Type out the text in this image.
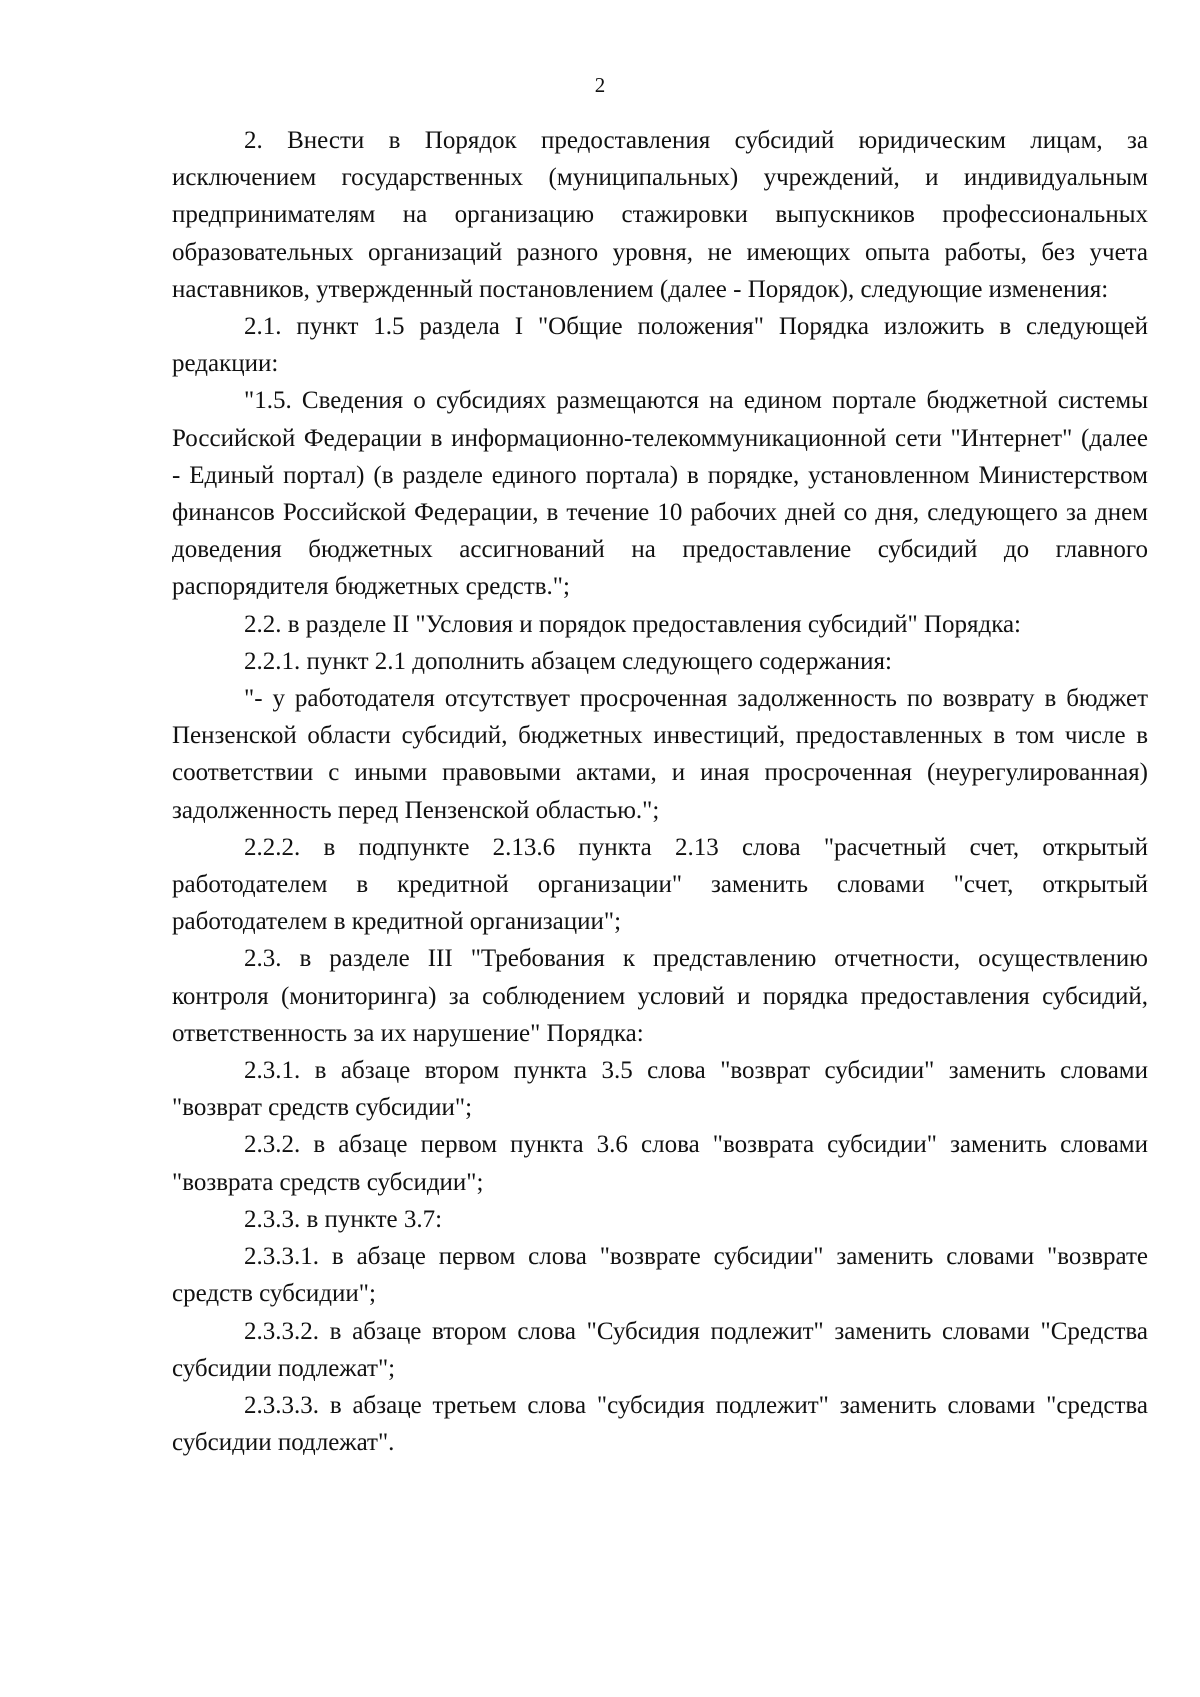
2

2. Внести в Порядок предоставления субсидий юридическим лицам, за исключением государственных (муниципальных) учреждений, и индивидуальным предпринимателям на организацию стажировки выпускников профессиональных образовательных организаций разного уровня, не имеющих опыта работы, без учета наставников, утвержденный постановлением (далее - Порядок), следующие изменения:

2.1. пункт 1.5 раздела I "Общие положения" Порядка изложить в следующей редакции:

"1.5. Сведения о субсидиях размещаются на едином портале бюджетной системы Российской Федерации в информационно-телекоммуникационной сети "Интернет" (далее - Единый портал) (в разделе единого портала) в порядке, установленном Министерством финансов Российской Федерации, в течение 10 рабочих дней со дня, следующего за днем доведения бюджетных ассигнований на предоставление субсидий до главного распорядителя бюджетных средств.";

2.2. в разделе II "Условия и порядок предоставления субсидий" Порядка:

2.2.1. пункт 2.1 дополнить абзацем следующего содержания:

"- у работодателя отсутствует просроченная задолженность по возврату в бюджет Пензенской области субсидий, бюджетных инвестиций, предоставленных в том числе в соответствии с иными правовыми актами, и иная просроченная (неурегулированная) задолженность перед Пензенской областью.";

2.2.2. в подпункте 2.13.6 пункта 2.13 слова "расчетный счет, открытый работодателем в кредитной организации" заменить словами "счет, открытый работодателем в кредитной организации";

2.3. в разделе III "Требования к представлению отчетности, осуществлению контроля (мониторинга) за соблюдением условий и порядка предоставления субсидий, ответственность за их нарушение" Порядка:

2.3.1. в абзаце втором пункта 3.5 слова "возврат субсидии" заменить словами "возврат средств субсидии";

2.3.2. в абзаце первом пункта 3.6 слова "возврата субсидии" заменить словами "возврата средств субсидии";

2.3.3. в пункте 3.7:

2.3.3.1. в абзаце первом слова "возврате субсидии" заменить словами "возврате средств субсидии";

2.3.3.2. в абзаце втором слова "Субсидия подлежит" заменить словами "Средства субсидии подлежат";

2.3.3.3. в абзаце третьем слова "субсидия подлежит" заменить словами "средства субсидии подлежат".
